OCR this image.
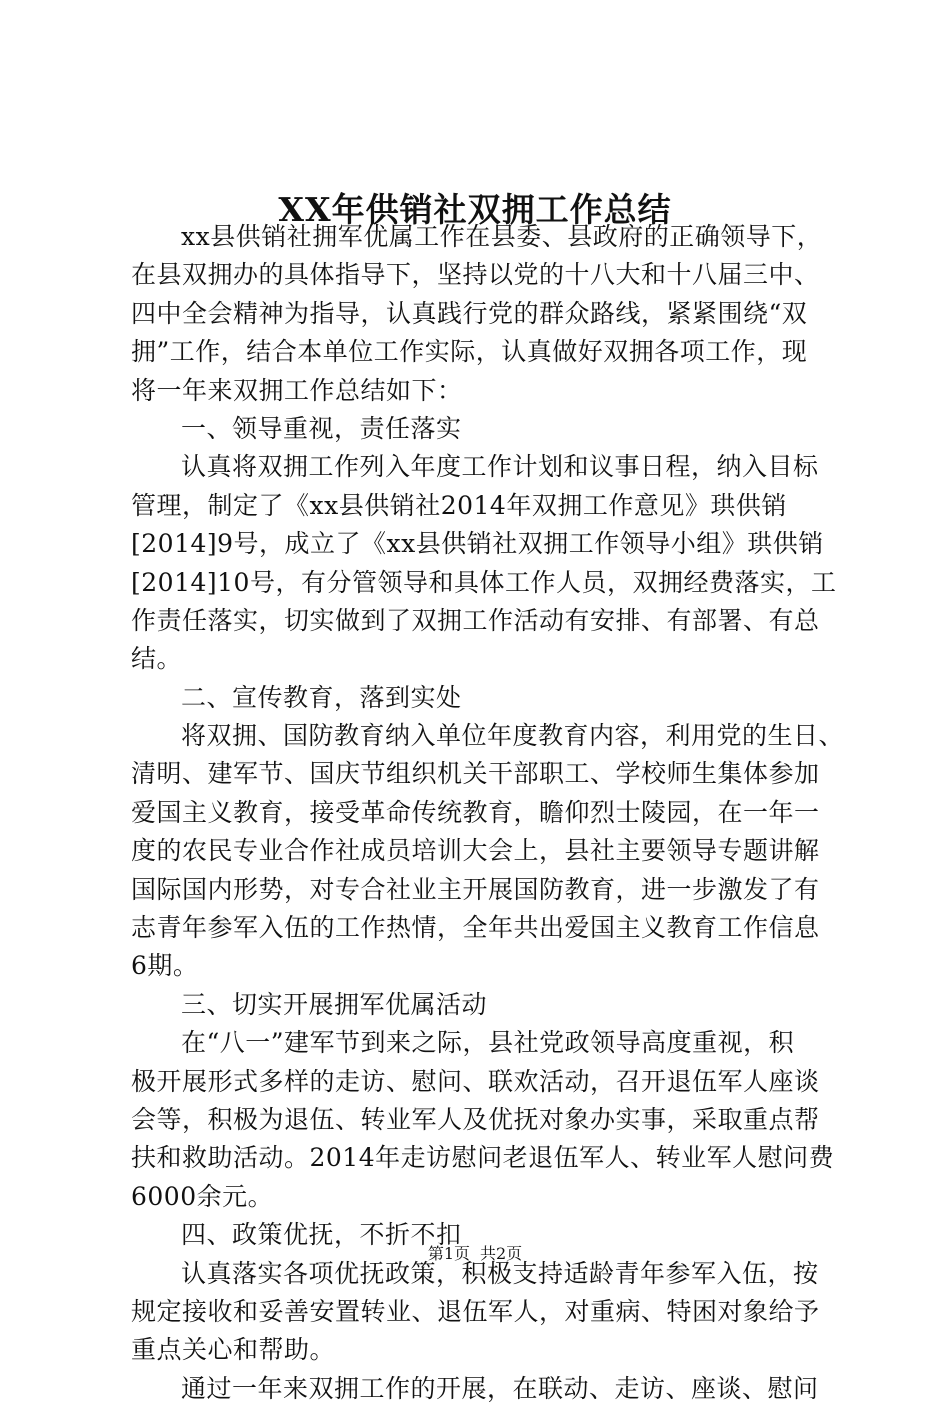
XX年供销社双拥工作总结
xx县供销社拥军优属工作在县委、县政府的正确领导下，
在县双拥办的具体指导下，坚持以党的十八大和十八届三中、
四中全会精神为指导，认真践行党的群众路线，紧紧围绕“双
拥”工作，结合本单位工作实际，认真做好双拥各项工作，现
将一年来双拥工作总结如下：
一、领导重视，责任落实
认真将双拥工作列入年度工作计划和议事日程，纳入目标
管理，制定了《xx县供销社2014年双拥工作意见》珙供销
[2014]9号，成立了《xx县供销社双拥工作领导小组》珙供销
[2014]10号，有分管领导和具体工作人员，双拥经费落实，工
作责任落实，切实做到了双拥工作活动有安排、有部署、有总
结。
二、宣传教育，落到实处
将双拥、国防教育纳入单位年度教育内容，利用党的生日、
清明、建军节、国庆节组织机关干部职工、学校师生集体参加
爱国主义教育，接受革命传统教育，瞻仰烈士陵园，在一年一
度的农民专业合作社成员培训大会上，县社主要领导专题讲解
国际国内形势，对专合社业主开展国防教育，进一步激发了有
志青年参军入伍的工作热情，全年共出爱国主义教育工作信息
6期。
三、切实开展拥军优属活动
在“八一”建军节到来之际，县社党政领导高度重视，积
极开展形式多样的走访、慰问、联欢活动，召开退伍军人座谈
会等，积极为退伍、转业军人及优抚对象办实事，采取重点帮
扶和救助活动。2014年走访慰问老退伍军人、转业军人慰问费
6000余元。
四、政策优抚，不折不扣
认真落实各项优抚政策，积极支持适龄青年参军入伍，按
规定接收和妥善安置转业、退伍军人，对重病、特困对象给予
重点关心和帮助。
通过一年来双拥工作的开展，在联动、走访、座谈、慰问
第1页 共2页
